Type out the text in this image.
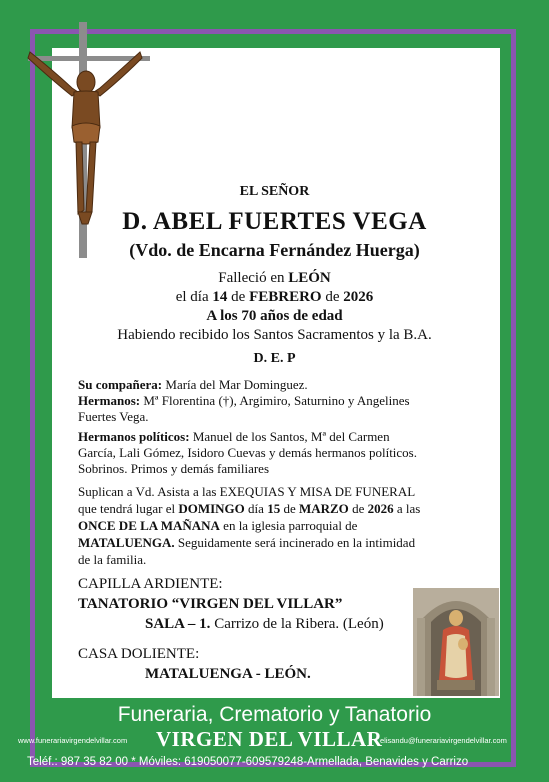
EL SEÑOR
D. ABEL FUERTES VEGA
(Vdo. de Encarna Fernández Huerga)
Falleció en LEÓN
el día 14 de FEBRERO de 2026
A los 70 años de edad
Habiendo recibido los Santos Sacramentos y la B.A.
D. E. P
Su compañera: María del Mar Dominguez.
Hermanos: Mª Florentina (†), Argimiro, Saturnino y Angelines
Fuertes Vega.
Hermanos políticos: Manuel de los Santos, Mª del Carmen
García, Lali Gómez, Isidoro Cuevas y demás hermanos políticos.
Sobrinos. Primos y demás familiares
Suplican a Vd. Asista a las EXEQUIAS Y MISA DE FUNERAL
que tendrá lugar el DOMINGO día 15 de MARZO de 2026 a las
ONCE DE LA MAÑANA en la iglesia parroquial de
MATALUENGA. Seguidamente será incinerado en la intimidad
de la familia.
CAPILLA ARDIENTE:
TANATORIO “VIRGEN DEL VILLAR”
SALA – 1. Carrizo de la Ribera. (León)
CASA DOLIENTE:
MATALUENGA - LEÓN.
Funeraria, Crematorio y Tanatorio
www.funerariavirgendelvillar.com VIRGEN DEL VILLAR
elisandu@funerariavirgendelvillar.com
Teléf.: 987 35 82 00 * Móviles: 619050077-609579248-Armellada, Benavides y Carrizo
